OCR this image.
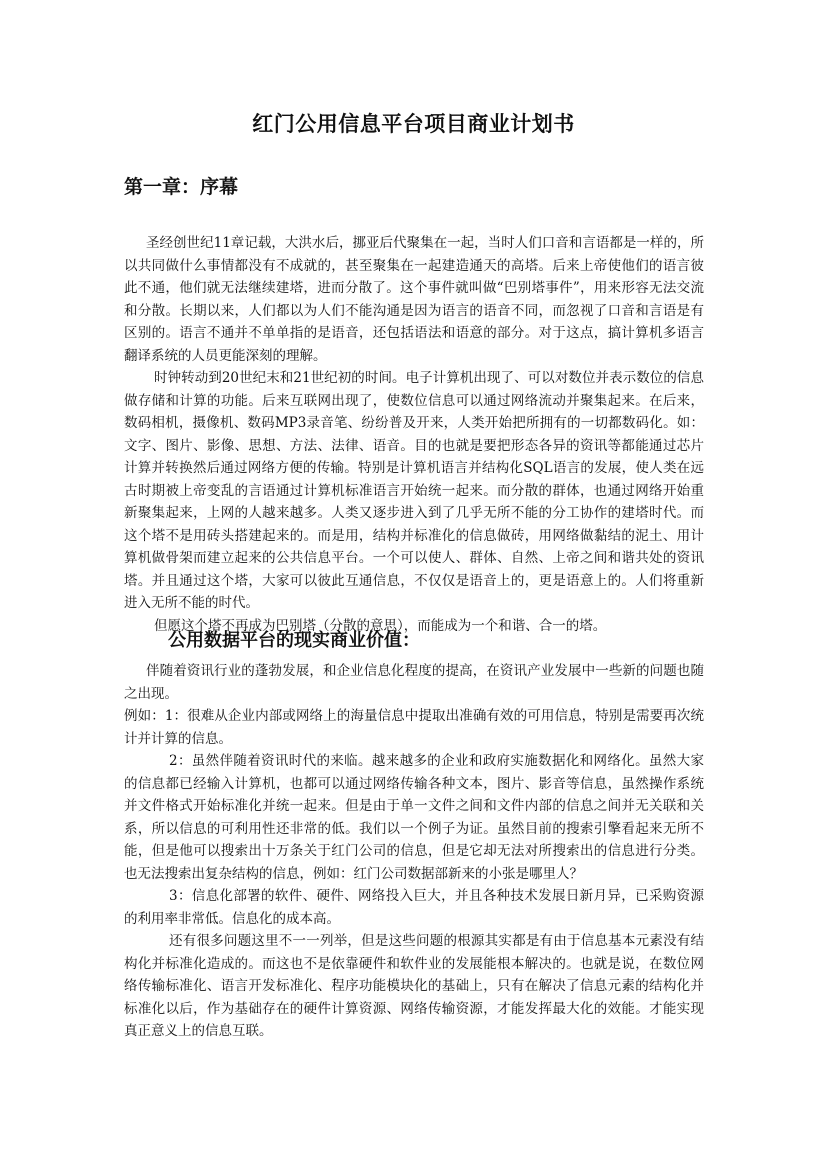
红门公用信息平台项目商业计划书
第一章：序幕

圣经创世纪11章记载，大洪水后，挪亚后代聚集在一起，当时人们口音和言语都是一样的，所以共同做什么事情都没有不成就的，甚至聚集在一起建造通天的高塔。后来上帝使他们的语言彼此不通，他们就无法继续建塔，进而分散了。这个事件就叫做“巴别塔事件”，用来形容无法交流和分散。长期以来，人们都以为人们不能沟通是因为语言的语音不同，而忽视了口音和言语是有区别的。语言不通并不单单指的是语音，还包括语法和语意的部分。对于这点，搞计算机多语言翻译系统的人员更能深刻的理解。

时钟转动到20世纪末和21世纪初的时间。电子计算机出现了、可以对数位并表示数位的信息做存储和计算的功能。后来互联网出现了，使数位信息可以通过网络流动并聚集起来。在后来，数码相机，摄像机、数码MP3录音笔、纷纷普及开来，人类开始把所拥有的一切都数码化。如：文字、图片、影像、思想、方法、法律、语音。目的也就是要把形态各异的资讯等都能通过芯片计算并转换然后通过网络方便的传输。特别是计算机语言并结构化SQL语言的发展，使人类在远古时期被上帝变乱的言语通过计算机标准语言开始统一起来。而分散的群体，也通过网络开始重新聚集起来，上网的人越来越多。人类又逐步进入到了几乎无所不能的分工协作的建塔时代。而这个塔不是用砖头搭建起来的。而是用，结构并标准化的信息做砖，用网络做黏结的泥土、用计算机做骨架而建立起来的公共信息平台。一个可以使人、群体、自然、上帝之间和谐共处的资讯塔。并且通过这个塔，大家可以彼此互通信息，不仅仅是语音上的，更是语意上的。人们将重新进入无所不能的时代。

但愿这个塔不再成为巴别塔（分散的意思），而能成为一个和谐、合一的塔。

公用数据平台的现实商业价值：

伴随着资讯行业的蓬勃发展，和企业信息化程度的提高，在资讯产业发展中一些新的问题也随之出现。

例如：1：很难从企业内部或网络上的海量信息中提取出准确有效的可用信息，特别是需要再次统计并计算的信息。

2：虽然伴随着资讯时代的来临。越来越多的企业和政府实施数据化和网络化。虽然大家的信息都已经输入计算机，也都可以通过网络传输各种文本，图片、影音等信息，虽然操作系统并文件格式开始标准化并统一起来。但是由于单一文件之间和文件内部的信息之间并无关联和关系，所以信息的可利用性还非常的低。我们以一个例子为证。虽然目前的搜索引擎看起来无所不能，但是他可以搜索出十万条关于红门公司的信息，但是它却无法对所搜索出的信息进行分类。也无法搜索出复杂结构的信息，例如：红门公司数据部新来的小张是哪里人？

3：信息化部署的软件、硬件、网络投入巨大，并且各种技术发展日新月异，已采购资源的利用率非常低。信息化的成本高。

还有很多问题这里不一一列举，但是这些问题的根源其实都是有由于信息基本元素没有结构化并标准化造成的。而这也不是依靠硬件和软件业的发展能根本解决的。也就是说，在数位网络传输标准化、语言开发标准化、程序功能模块化的基础上，只有在解决了信息元素的结构化并标准化以后，作为基础存在的硬件计算资源、网络传输资源，才能发挥最大化的效能。才能实现真正意义上的信息互联。
